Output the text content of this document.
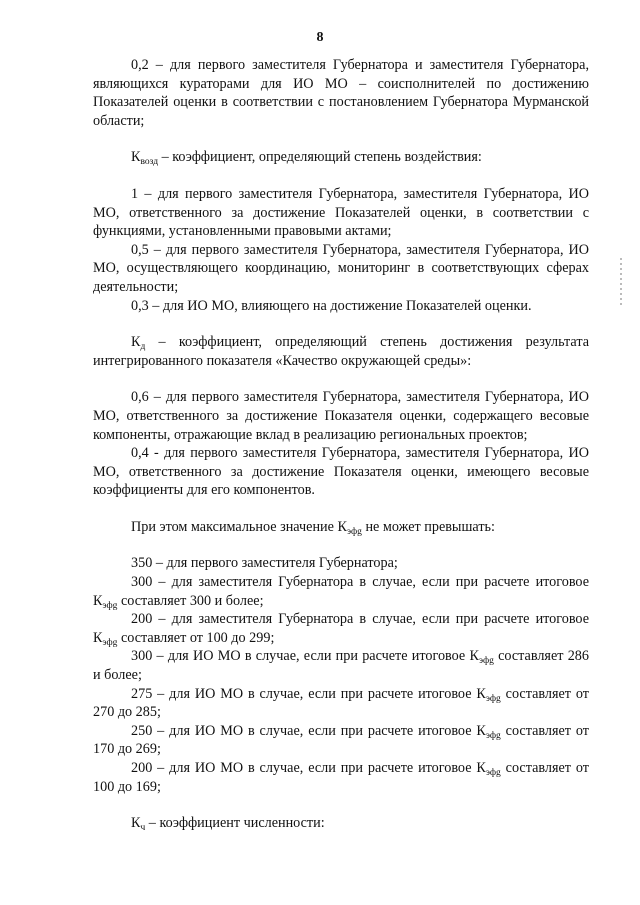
8

0,2 – для первого заместителя Губернатора и заместителя Губернатора, являющихся кураторами для ИО МО – соисполнителей по достижению Показателей оценки в соответствии с постановлением Губернатора Мурманской области;

$К_{возд}$ – коэффициент, определяющий степень воздействия:

1 – для первого заместителя Губернатора, заместителя Губернатора, ИО МО, ответственного за достижение Показателей оценки, в соответствии с функциями, установленными правовыми актами;

0,5 – для первого заместителя Губернатора, заместителя Губернатора, ИО МО, осуществляющего координацию, мониторинг в соответствующих сферах деятельности;

0,3 – для ИО МО, влияющего на достижение Показателей оценки.

$К_д$ – коэффициент, определяющий степень достижения результата интегрированного показателя «Качество окружающей среды»:

0,6 – для первого заместителя Губернатора, заместителя Губернатора, ИО МО, ответственного за достижение Показателя оценки, содержащего весовые компоненты, отражающие вклад в реализацию региональных проектов;

0,4 - для первого заместителя Губернатора, заместителя Губернатора, ИО МО, ответственного за достижение Показателя оценки, имеющего весовые коэффициенты для его компонентов.

При этом максимальное значение $К_{эфg}$ не может превышать:

350 – для первого заместителя Губернатора;

300 – для заместителя Губернатора в случае, если при расчете итоговое $К_{эфg}$ составляет 300 и более;

200 – для заместителя Губернатора в случае, если при расчете итоговое $К_{эфg}$ составляет от 100 до 299;

300 – для ИО МО в случае, если при расчете итоговое $К_{эфg}$ составляет 286 и более;

275 – для ИО МО в случае, если при расчете итоговое $К_{эфg}$ составляет от 270 до 285;

250 – для ИО МО в случае, если при расчете итоговое $К_{эфg}$ составляет от 170 до 269;

200 – для ИО МО в случае, если при расчете итоговое $К_{эфg}$ составляет от 100 до 169;

$К_ч$ – коэффициент численности:
